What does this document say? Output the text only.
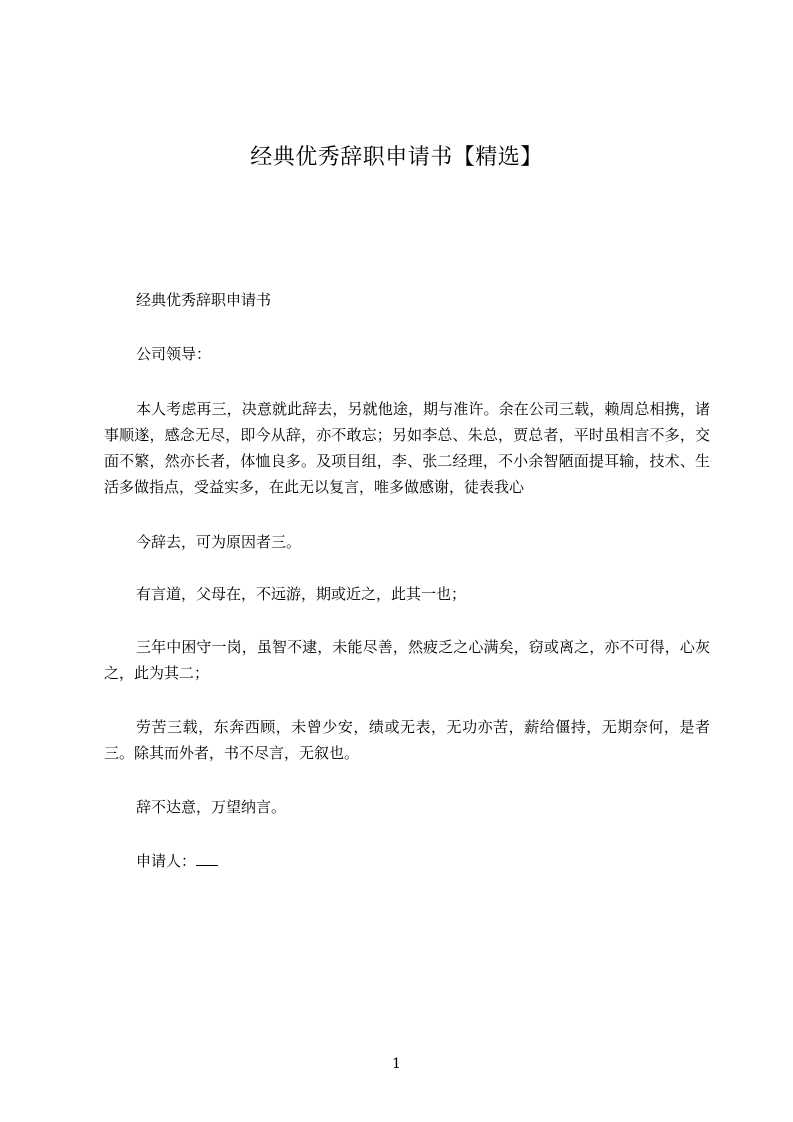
经典优秀辞职申请书【精选】

经典优秀辞职申请书

公司领导：

本人考虑再三，决意就此辞去，另就他途，期与准许。余在公司三载，赖周总相携，诸事顺遂，感念无尽，即今从辞，亦不敢忘；另如李总、朱总，贾总者，平时虽相言不多，交面不繁，然亦长者，体恤良多。及项目组，李、张二经理，不小余智陋面提耳输，技术、生活多做指点，受益实多，在此无以复言，唯多做感谢，徒表我心

今辞去，可为原因者三。

有言道，父母在，不远游，期或近之，此其一也；

三年中困守一岗，虽智不逮，未能尽善，然疲乏之心满矣，窃或离之，亦不可得，心灰之，此为其二；

劳苦三载，东奔西顾，未曾少安，绩或无表，无功亦苦，薪给僵持，无期奈何，是者三。除其而外者，书不尽言，无叙也。

辞不达意，万望纳言。

申请人：

1
